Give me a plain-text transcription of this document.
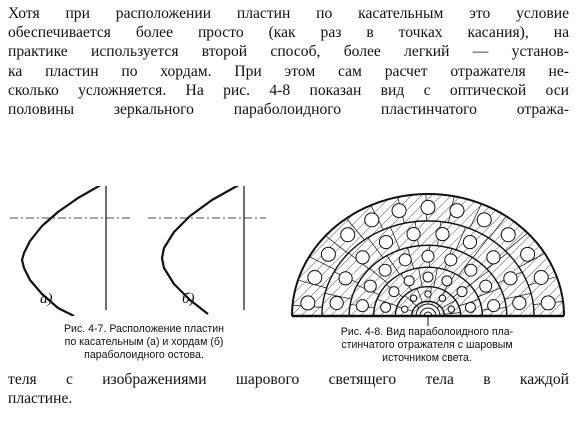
Хотя при расположении пластин по касательным это условие
обеспечивается более просто (как раз в точках касания), на
практике используется второй способ, более легкий — установ-
ка пластин по хордам. При этом сам расчет отражателя не-
сколько усложняется. На рис. 4-8 показан вид с оптической оси
половины зеркального параболоидного пластинчатого отража-
а)	б)
Рис. 4-7. Расположение пластин
по касательным (а) и хордам (б)
параболоидного остова.
Рис. 4-8. Вид параболоидного пла-
стинчатого отражателя с шаровым
источником света.
теля с изображениями шарового светящего тела в каждой
пластине.
